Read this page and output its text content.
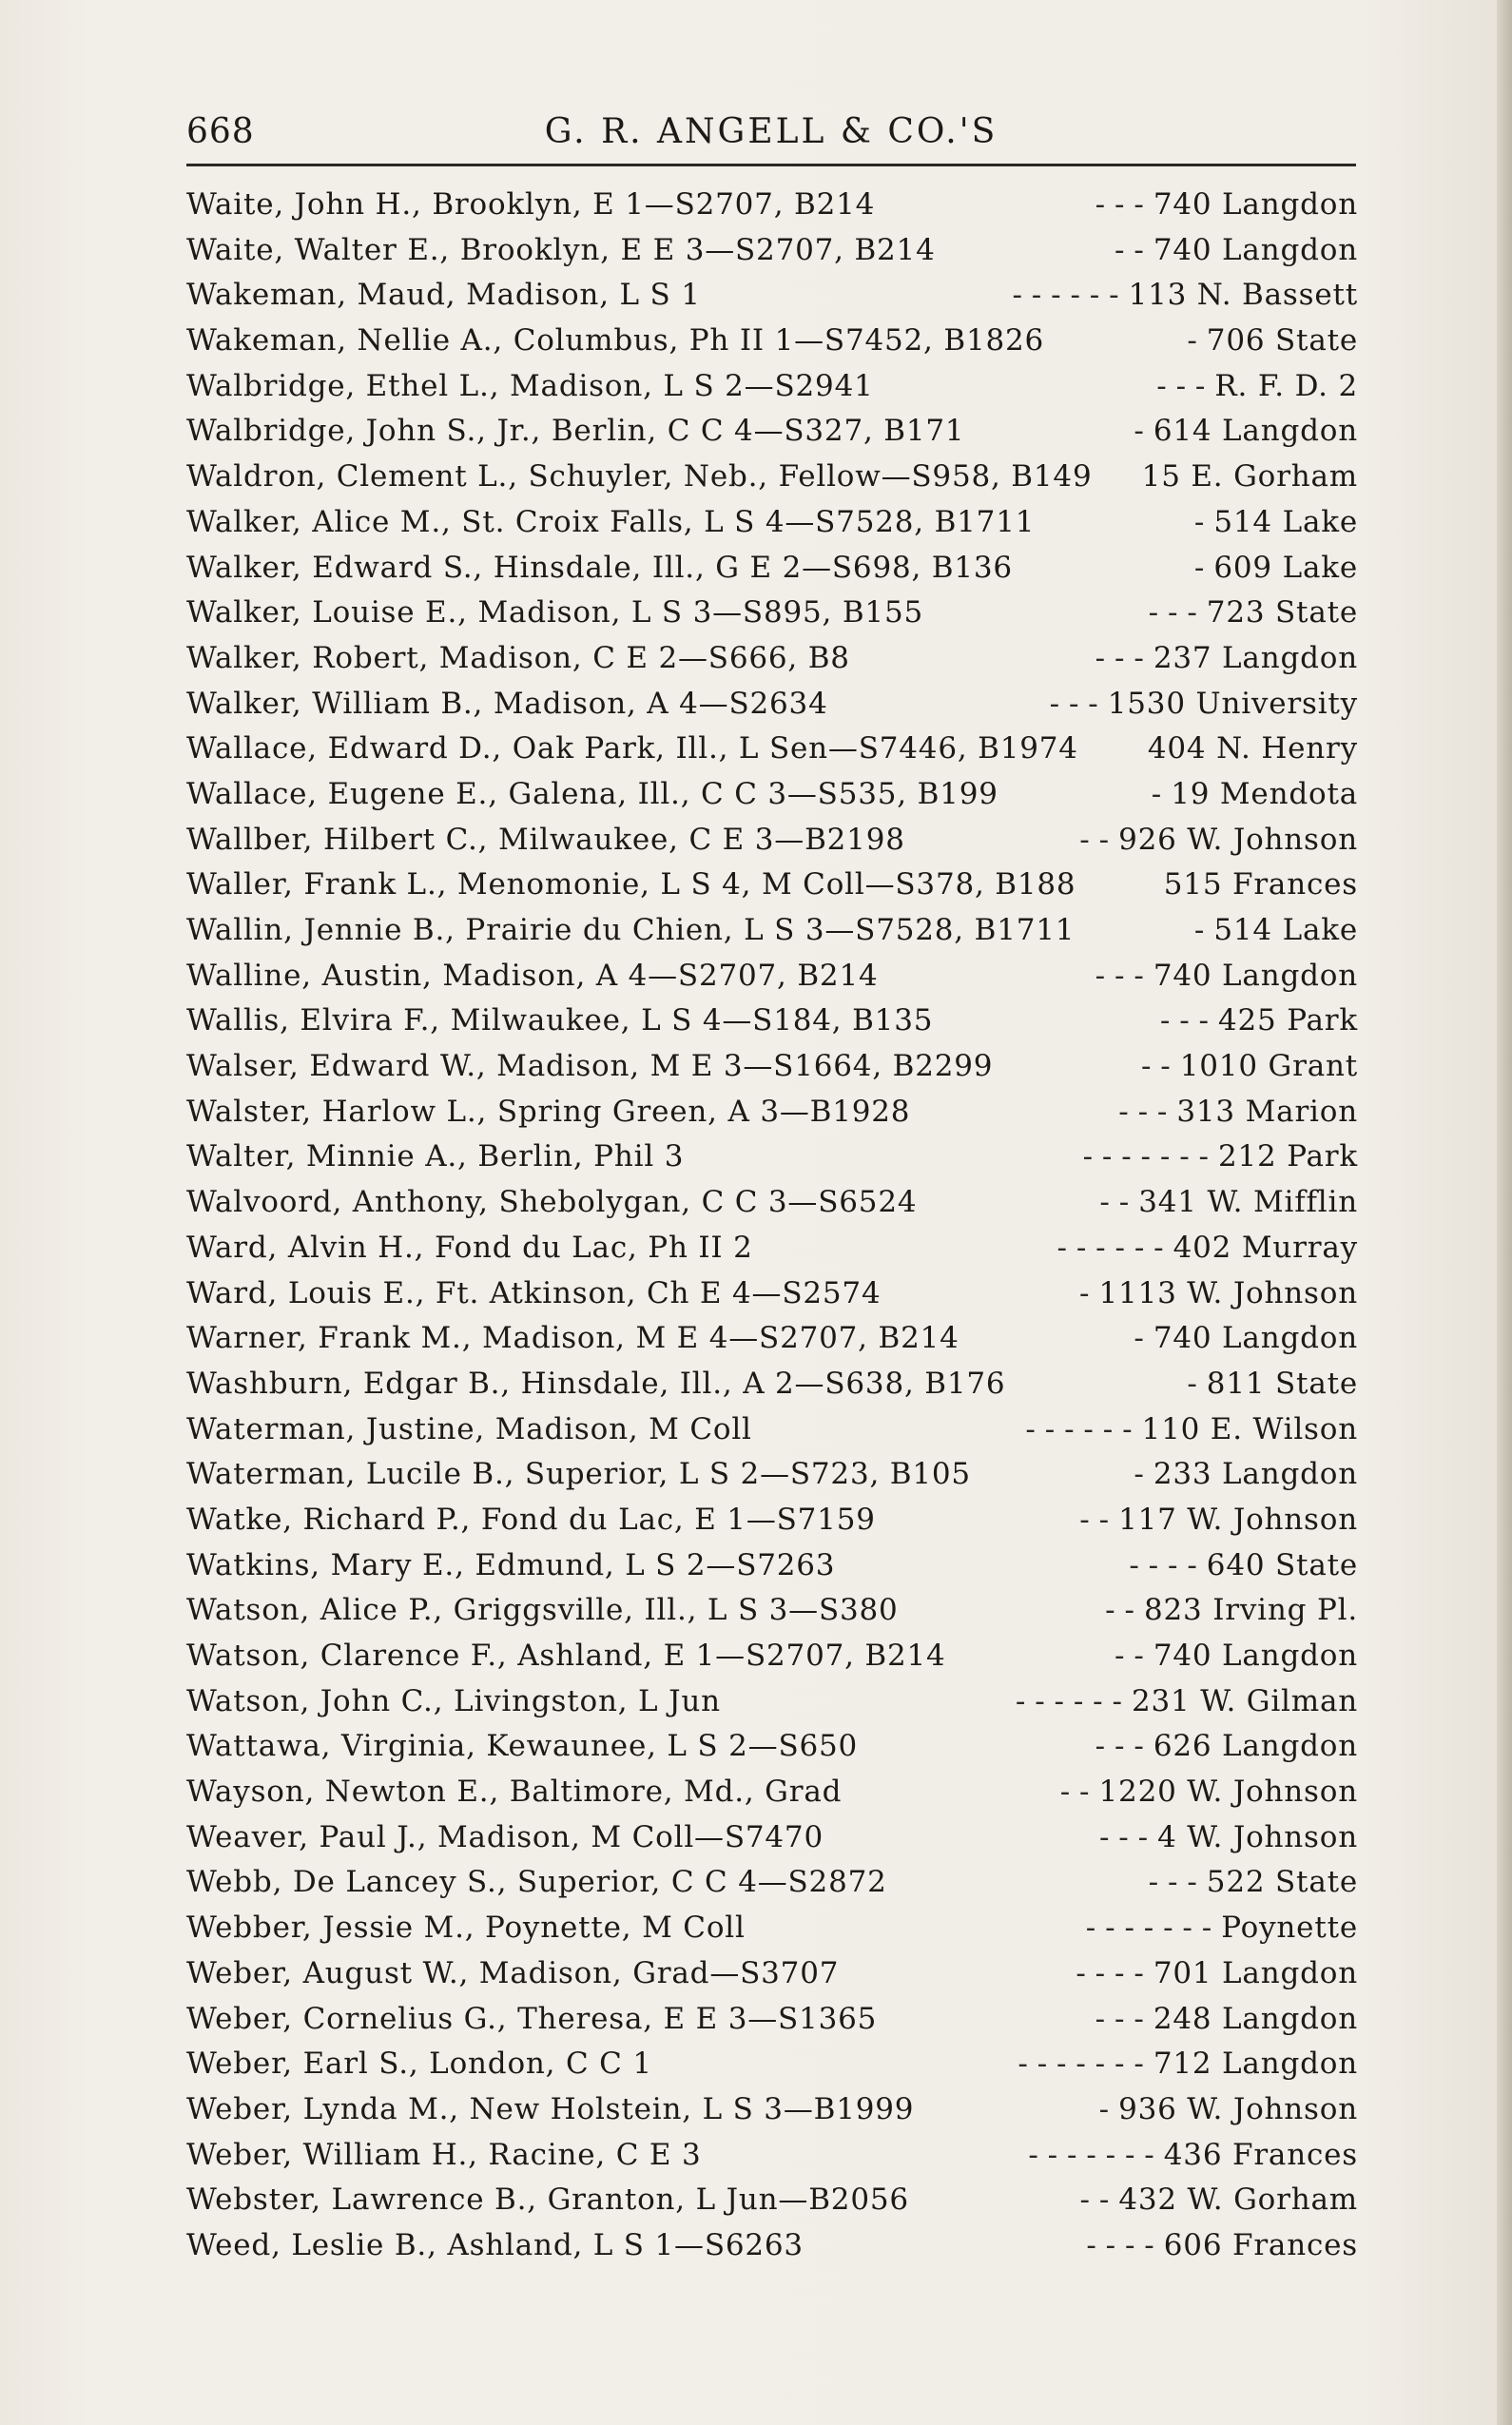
668	G. R. ANGELL & CO.'S
Waite, John H., Brooklyn, E 1—S2707, B214	- - - 740 Langdon
Waite, Walter E., Brooklyn, E E 3—S2707, B214	- - 740 Langdon
Wakeman, Maud, Madison, L S 1	- - - - - - 113 N. Bassett
Wakeman, Nellie A., Columbus, Ph II 1—S7452, B1826	- 706 State
Walbridge, Ethel L., Madison, L S 2—S2941	- - - R. F. D. 2
Walbridge, John S., Jr., Berlin, C C 4—S327, B171	- 614 Langdon
Waldron, Clement L., Schuyler, Neb., Fellow—S958, B149 15 E. Gorham
Walker, Alice M., St. Croix Falls, L S 4—S7528, B1711	- 514 Lake
Walker, Edward S., Hinsdale, Ill., G E 2—S698, B136	- 609 Lake
Walker, Louise E., Madison, L S 3—S895, B155	- - - 723 State
Walker, Robert, Madison, C E 2—S666, B8	- - - 237 Langdon
Walker, William B., Madison, A 4—S2634	- - - 1530 University
Wallace, Edward D., Oak Park, Ill., L Sen—S7446, B1974 404 N. Henry
Wallace, Eugene E., Galena, Ill., C C 3—S535, B199	- 19 Mendota
Wallber, Hilbert C., Milwaukee, C E 3—B2198	- - 926 W. Johnson
Waller, Frank L., Menomonie, L S 4, M Coll—S378, B188	515 Frances
Wallin, Jennie B., Prairie du Chien, L S 3—S7528, B1711	- 514 Lake
Walline, Austin, Madison, A 4—S2707, B214	- - - 740 Langdon
Wallis, Elvira F., Milwaukee, L S 4—S184, B135	- - - 425 Park
Walser, Edward W., Madison, M E 3—S1664, B2299	- - 1010 Grant
Walster, Harlow L., Spring Green, A 3—B1928	- - - 313 Marion
Walter, Minnie A., Berlin, Phil 3	- - - - - - - 212 Park
Walvoord, Anthony, Shebolygan, C C 3—S6524	- - 341 W. Mifflin
Ward, Alvin H., Fond du Lac, Ph II 2	- - - - - - 402 Murray
Ward, Louis E., Ft. Atkinson, Ch E 4—S2574	- 1113 W. Johnson
Warner, Frank M., Madison, M E 4—S2707, B214	- 740 Langdon
Washburn, Edgar B., Hinsdale, Ill., A 2—S638, B176	- 811 State
Waterman, Justine, Madison, M Coll	- - - - - - 110 E. Wilson
Waterman, Lucile B., Superior, L S 2—S723, B105	- 233 Langdon
Watke, Richard P., Fond du Lac, E 1—S7159	- - 117 W. Johnson
Watkins, Mary E., Edmund, L S 2—S7263	- - - - 640 State
Watson, Alice P., Griggsville, Ill., L S 3—S380	- - 823 Irving Pl.
Watson, Clarence F., Ashland, E 1—S2707, B214	- - 740 Langdon
Watson, John C., Livingston, L Jun	- - - - - - 231 W. Gilman
Wattawa, Virginia, Kewaunee, L S 2—S650	- - - 626 Langdon
Wayson, Newton E., Baltimore, Md., Grad	- - 1220 W. Johnson
Weaver, Paul J., Madison, M Coll—S7470	- - - 4 W. Johnson
Webb, De Lancey S., Superior, C C 4—S2872	- - - 522 State
Webber, Jessie M., Poynette, M Coll	- - - - - - - Poynette
Weber, August W., Madison, Grad—S3707	- - - - 701 Langdon
Weber, Cornelius G., Theresa, E E 3—S1365	- - - 248 Langdon
Weber, Earl S., London, C C 1	- - - - - - - 712 Langdon
Weber, Lynda M., New Holstein, L S 3—B1999	- 936 W. Johnson
Weber, William H., Racine, C E 3	- - - - - - - 436 Frances
Webster, Lawrence B., Granton, L Jun—B2056	- - 432 W. Gorham
Weed, Leslie B., Ashland, L S 1—S6263	- - - - 606 Frances
